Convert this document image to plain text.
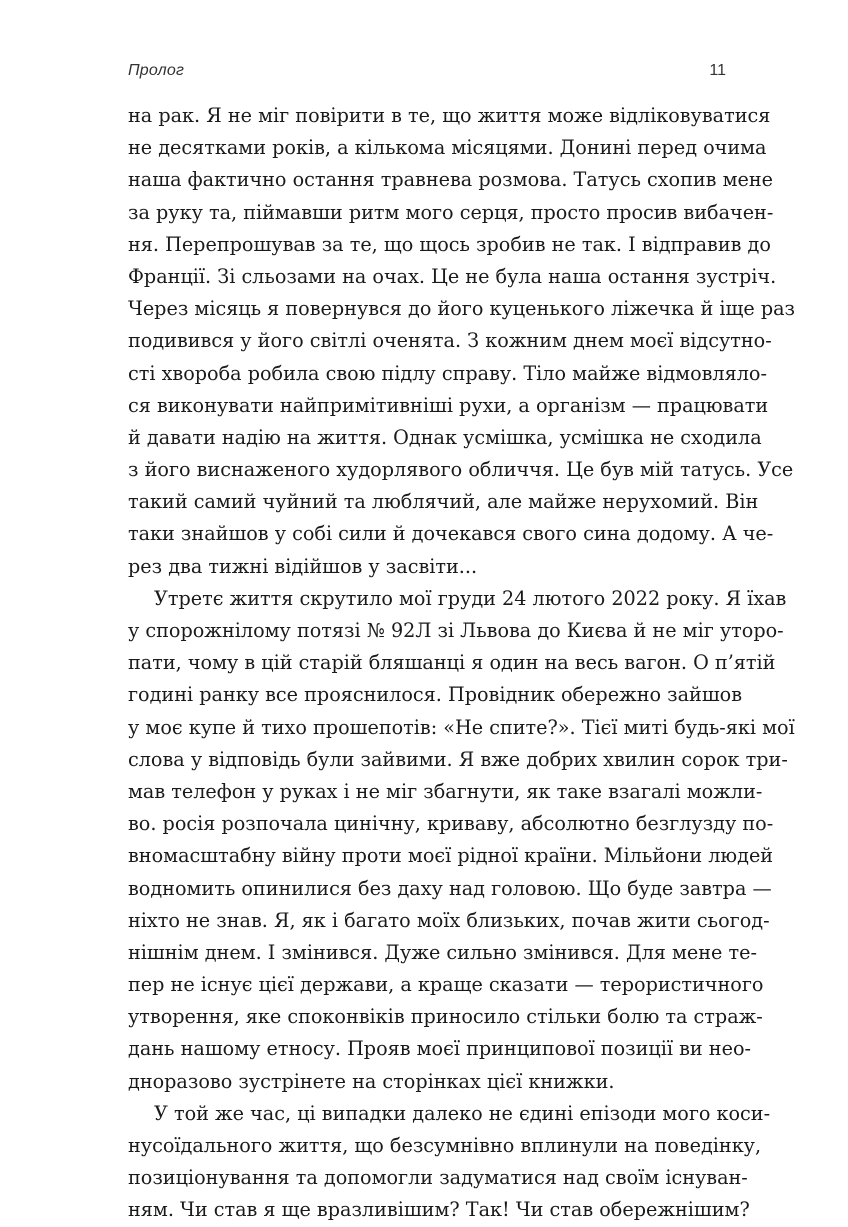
Пролог	11
на рак. Я не міг повірити в те, що життя може відліковуватися
не десятками років, а кількома місяцями. Донині перед очима
наша фактично остання травнева розмова. Татусь схопив мене
за руку та, піймавши ритм мого серця, просто просив вибачен-
ня. Перепрошував за те, що щось зробив не так. І відправив до
Франції. Зі сльозами на очах. Це не була наша остання зустріч.
Через місяць я повернувся до його куценького ліжечка й іще раз
подивився у його світлі оченята. З кожним днем моєї відсутно-
сті хвороба робила свою підлу справу. Тіло майже відмовляло-
ся виконувати найпримітивніші рухи, а організм — працювати
й давати надію на життя. Однак усмішка, усмішка не сходила
з його виснаженого худорлявого обличчя. Це був мій татусь. Усе
такий самий чуйний та люблячий, але майже нерухомий. Він
таки знайшов у собі сили й дочекався свого сина додому. А че-
рез два тижні відійшов у засвіти...
Утретє життя скрутило мої груди 24 лютого 2022 року. Я їхав
у спорожнілому потязі № 92Л зі Львова до Києва й не міг уторо-
пати, чому в цій старій бляшанці я один на весь вагон. О п’ятій
годині ранку все прояснилося. Провідник обережно зайшов
у моє купе й тихо прошепотів: «Не спите?». Тієї миті будь-які мої
слова у відповідь були зайвими. Я вже добрих хвилин сорок три-
мав телефон у руках і не міг збагнути, як таке взагалі можли-
во. росія розпочала цинічну, криваву, абсолютно безглузду по-
вномасштабну війну проти моєї рідної країни. Мільйони людей
водномить опинилися без даху над головою. Що буде завтра —
ніхто не знав. Я, як і багато моїх близьких, почав жити сьогод-
нішнім днем. І змінився. Дуже сильно змінився. Для мене те-
пер не існує цієї держави, а краще сказати — терористичного
утворення, яке споконвіків приносило стільки болю та страж-
дань нашому етносу. Прояв моєї принципової позиції ви нео-
дноразово зустрінете на сторінках цієї книжки.
У той же час, ці випадки далеко не єдині епізоди мого коси-
нусоїдального життя, що безсумнівно вплинули на поведінку,
позиціонування та допомогли задуматися над своїм існуван-
ням. Чи став я ще вразливішим? Так! Чи став обережнішим?
